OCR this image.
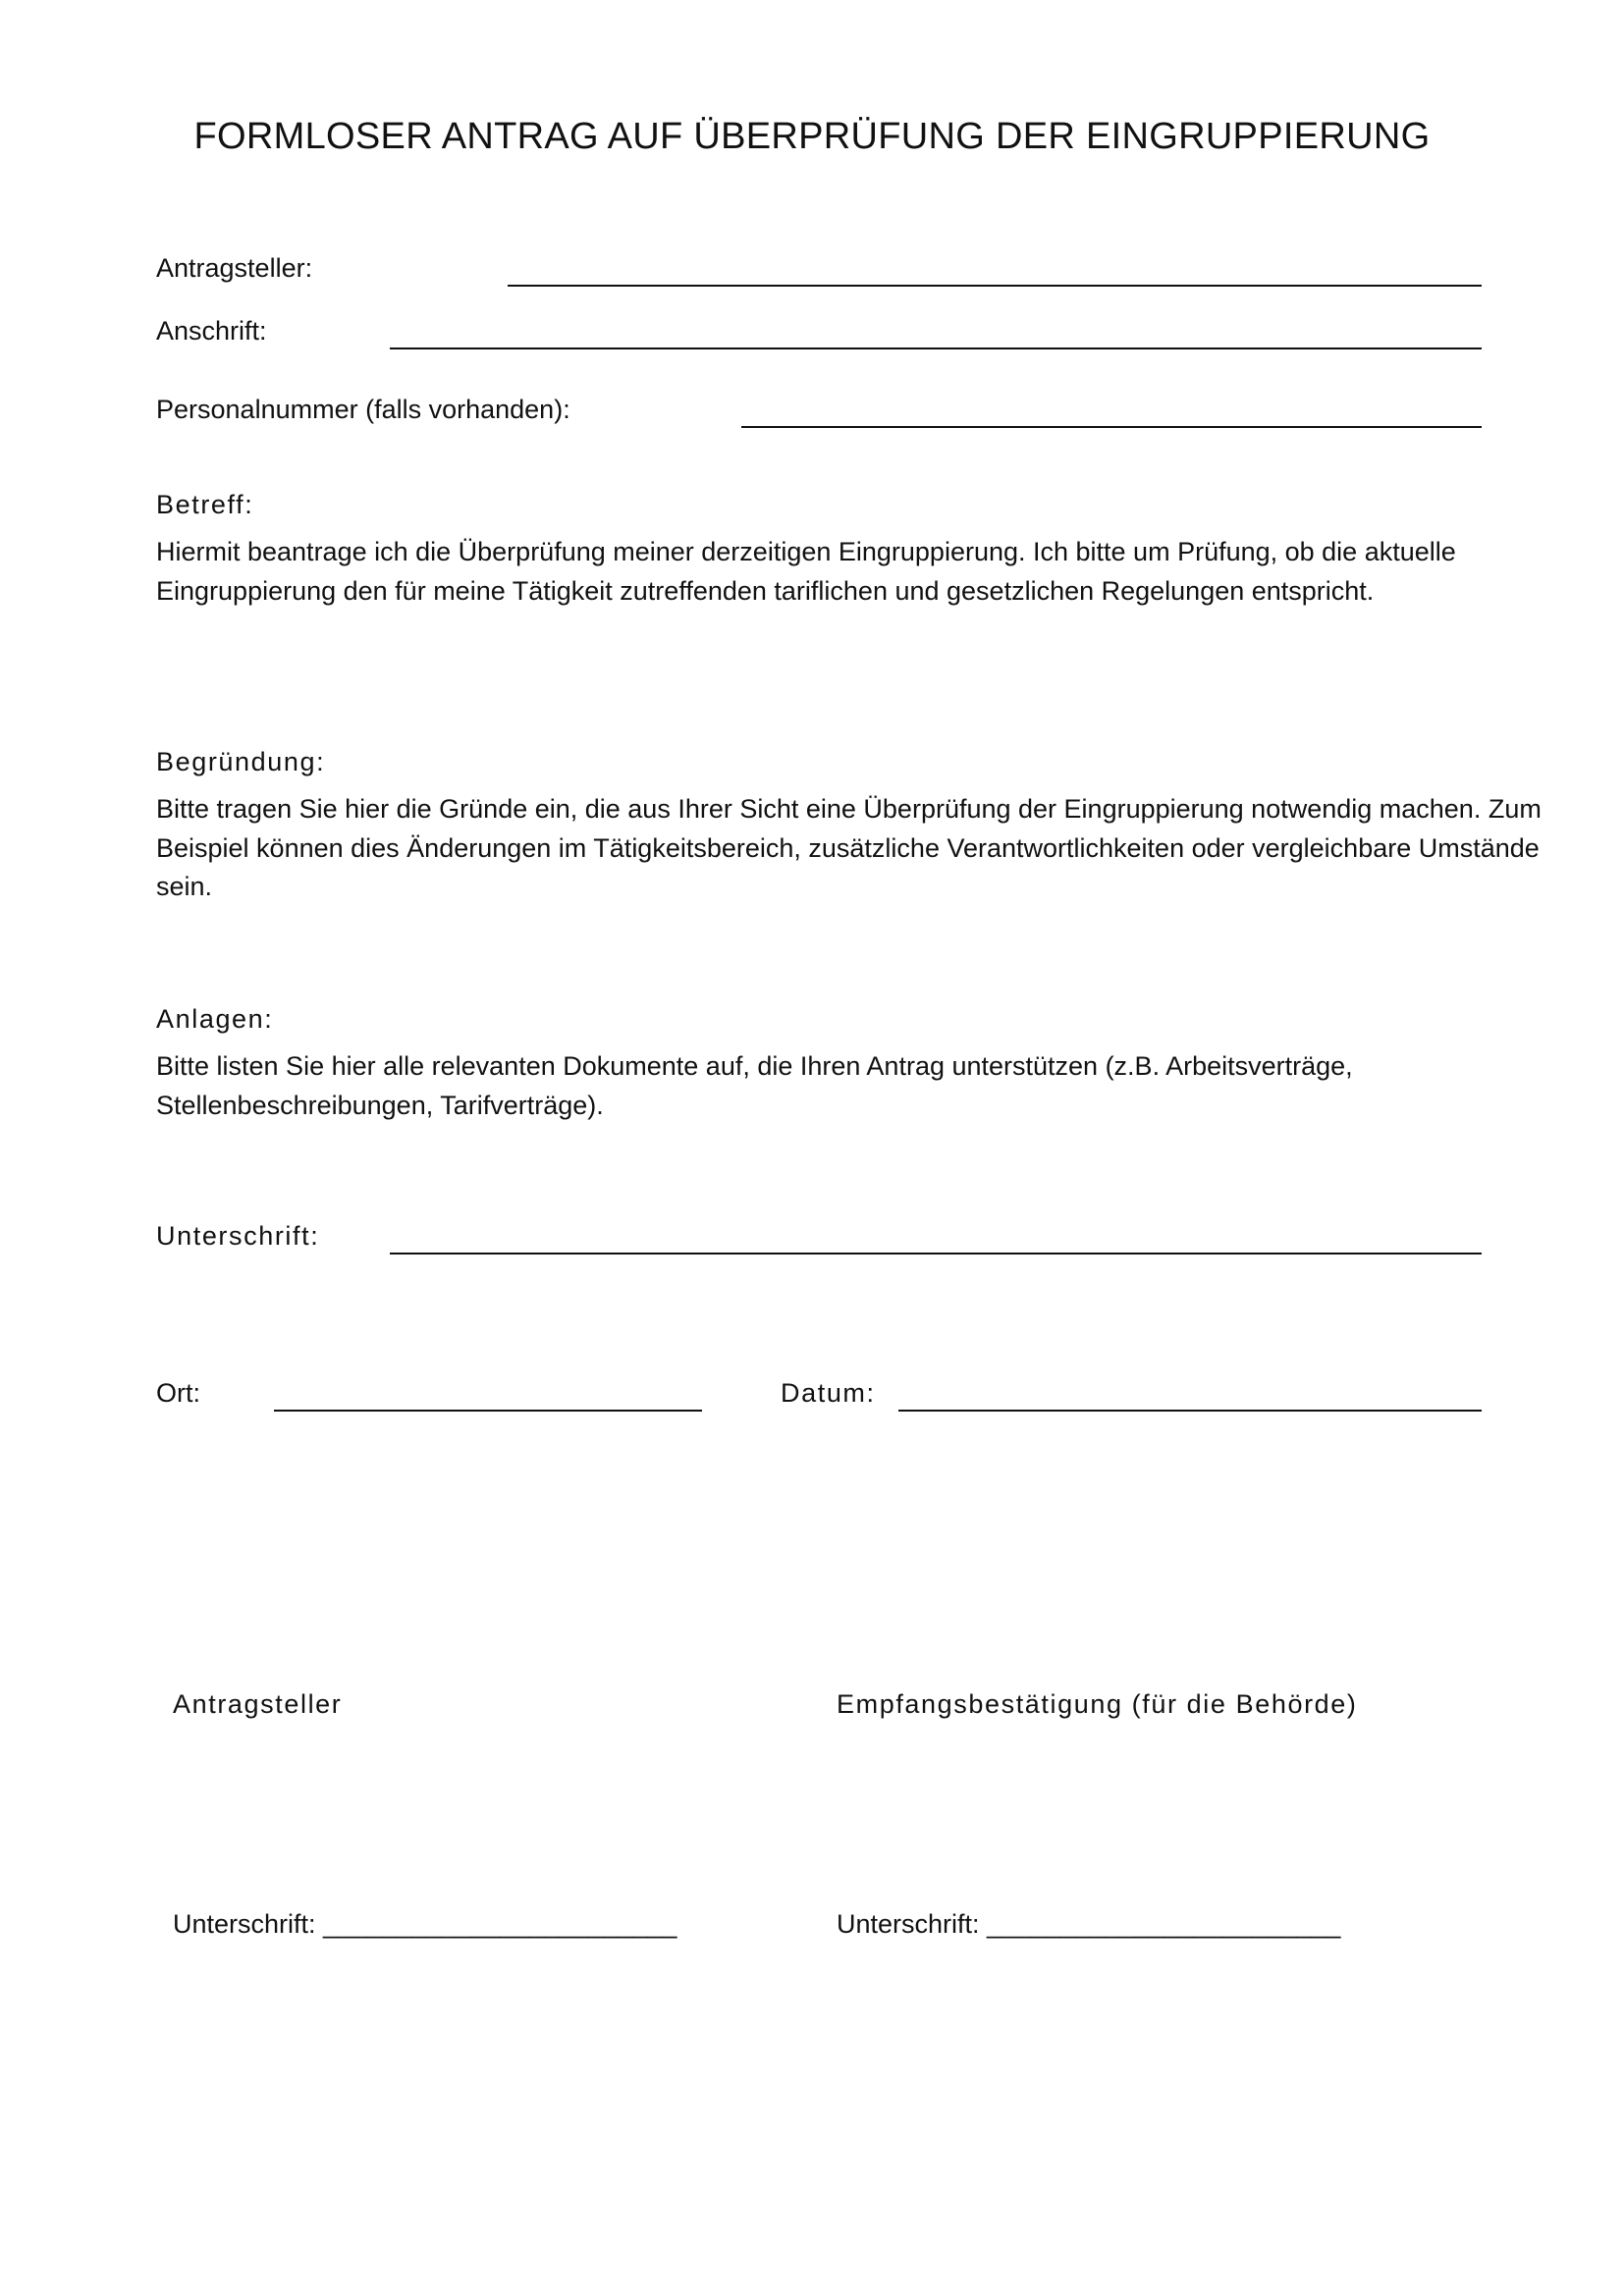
FORMLOSER ANTRAG AUF ÜBERPRÜFUNG DER EINGRUPPIERUNG
Antragsteller:
Anschrift:
Personalnummer (falls vorhanden):
Betreff:
Hiermit beantrage ich die Überprüfung meiner derzeitigen Eingruppierung. Ich bitte um Prüfung, ob die aktuelle Eingruppierung den für meine Tätigkeit zutreffenden tariflichen und gesetzlichen Regelungen entspricht.
Begründung:
Bitte tragen Sie hier die Gründe ein, die aus Ihrer Sicht eine Überprüfung der Eingruppierung notwendig machen. Zum Beispiel können dies Änderungen im Tätigkeitsbereich, zusätzliche Verantwortlichkeiten oder vergleichbare Umstände sein.
Anlagen:
Bitte listen Sie hier alle relevanten Dokumente auf, die Ihren Antrag unterstützen (z.B. Arbeitsverträge, Stellenbeschreibungen, Tarifverträge).
Unterschrift:
Ort:	Datum:
Antragsteller	Empfangsbestätigung (für die Behörde)
Unterschrift: ________________________	Unterschrift: ________________________
